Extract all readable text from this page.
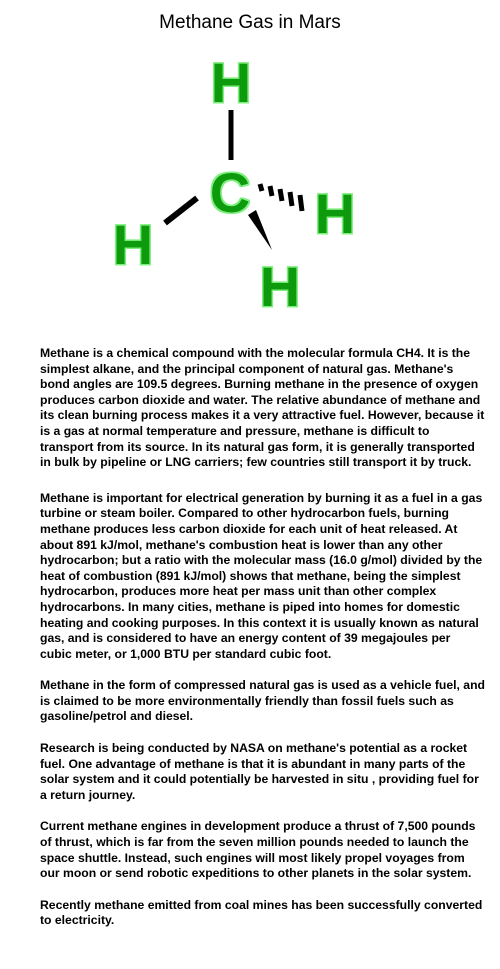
Methane Gas in Mars
H
C H
H
H

Methane is a chemical compound with the molecular formula CH4. It is the simplest alkane, and the principal component of natural gas. Methane's bond angles are 109.5 degrees. Burning methane in the presence of oxygen produces carbon dioxide and water. The relative abundance of methane and its clean burning process makes it a very attractive fuel. However, because it is a gas at normal temperature and pressure, methane is difficult to transport from its source. In its natural gas form, it is generally transported in bulk by pipeline or LNG carriers; few countries still transport it by truck.

Methane is important for electrical generation by burning it as a fuel in a gas turbine or steam boiler. Compared to other hydrocarbon fuels, burning methane produces less carbon dioxide for each unit of heat released. At about 891 kJ/mol, methane's combustion heat is lower than any other hydrocarbon; but a ratio with the molecular mass (16.0 g/mol) divided by the heat of combustion (891 kJ/mol) shows that methane, being the simplest hydrocarbon, produces more heat per mass unit than other complex hydrocarbons. In many cities, methane is piped into homes for domestic heating and cooking purposes. In this context it is usually known as natural gas, and is considered to have an energy content of 39 megajoules per cubic meter, or 1,000 BTU per standard cubic foot.

Methane in the form of compressed natural gas is used as a vehicle fuel, and is claimed to be more environmentally friendly than fossil fuels such as gasoline/petrol and diesel.

Research is being conducted by NASA on methane's potential as a rocket fuel. One advantage of methane is that it is abundant in many parts of the solar system and it could potentially be harvested in situ , providing fuel for a return journey.

Current methane engines in development produce a thrust of 7,500 pounds of thrust, which is far from the seven million pounds needed to launch the space shuttle. Instead, such engines will most likely propel voyages from our moon or send robotic expeditions to other planets in the solar system.

Recently methane emitted from coal mines has been successfully converted to electricity.
